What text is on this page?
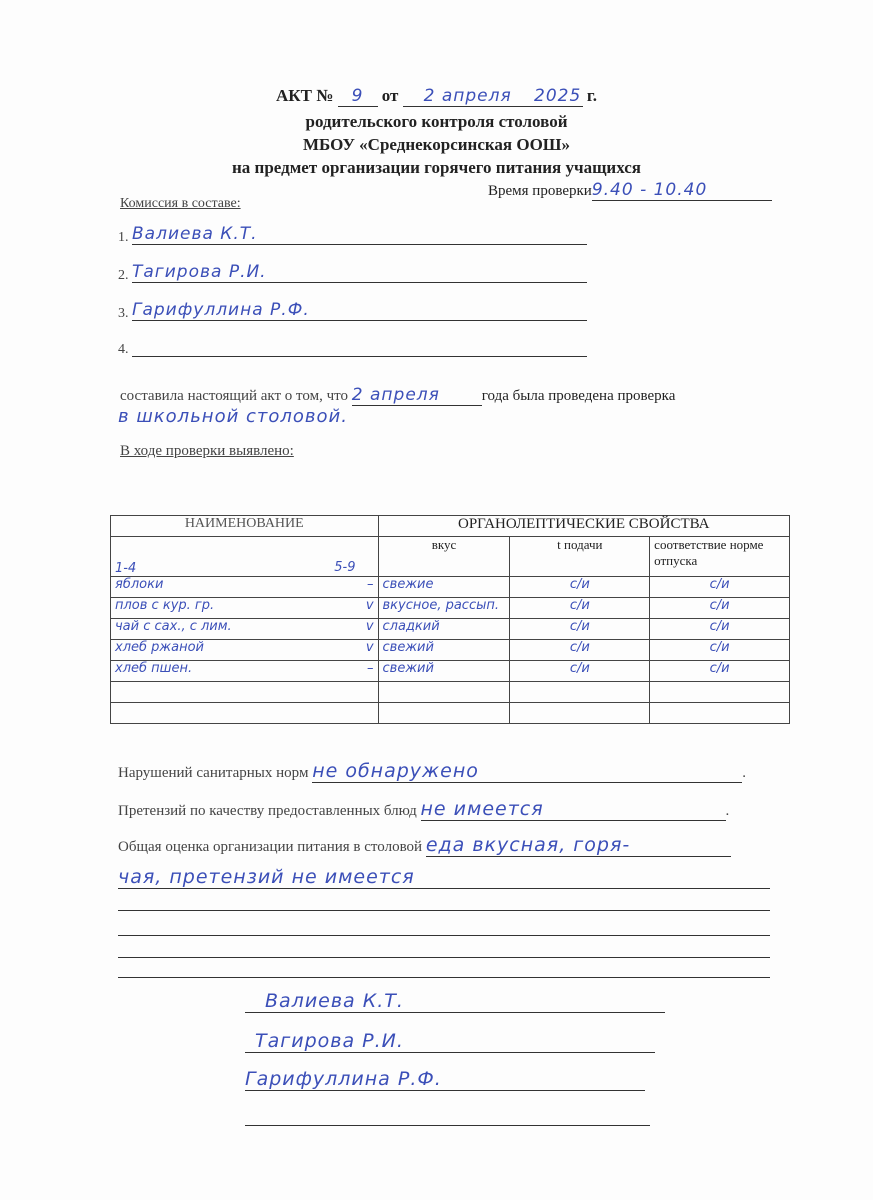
АКТ № 9 от 2 апреля 2025 г.
родительского контроля столовой
МБОУ «Среднекорсинская ООШ»
на предмет организации горячего питания учащихся
Время проверки9.40 - 10.40
Комиссия в составе:
1. Валиева К.Т.
2. Тагирова Р.И.
3. Гарифуллина Р.Ф.
4.
составила настоящий акт о том, что 2 апреля	года была проведена проверка
в школьной столовой.
В ходе проверки выявлено:
НАИМЕНОВАНИЕ	ОРГАНОЛЕПТИЧЕСКИЕ СВОЙСТВА		
1-4 5-9	вкус	t подачи	соответствие норме отпуска
яблоки –	свежие	с/и	с/и
плов с кур. гр. v	вкусное, рассып.	с/и	с/и
чай с сах., с лим. v	сладкий	с/и	с/и
хлеб ржаной v	свежий	с/и	с/и
хлеб пшен. –	свежий	с/и	с/и

Нарушений санитарных норм не обнаружено	.
Претензий по качеству предоставленных блюд не имеется	.
Общая оценка организации питания в столовой еда вкусная, горя-
чая, претензий не имеется
Валиева К.Т.
Тагирова Р.И.
Гарифуллина Р.Ф.
